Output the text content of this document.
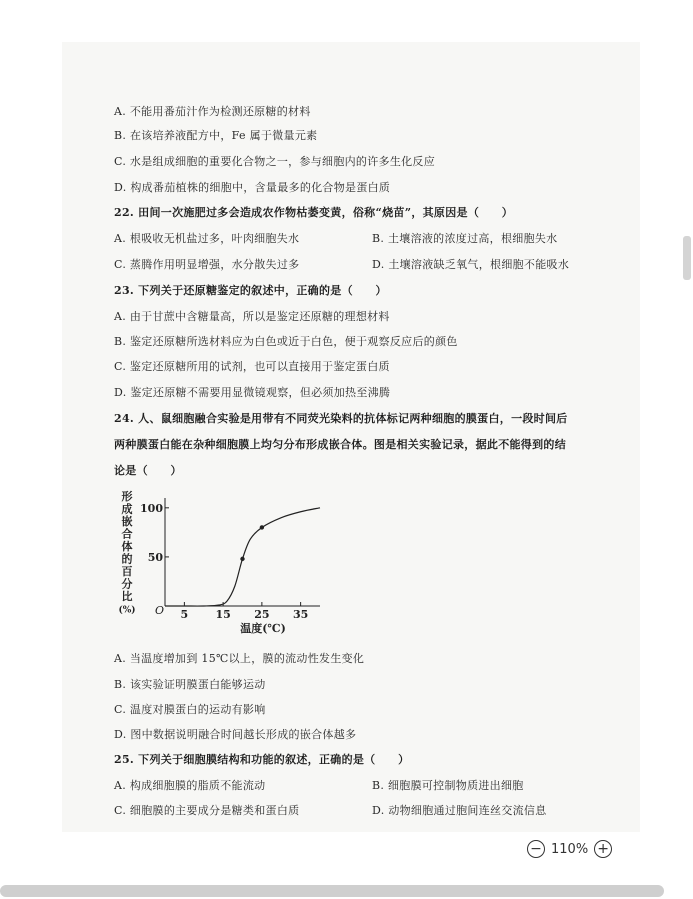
A. 不能用番茄汁作为检测还原糖的材料
B. 在该培养液配方中，Fe 属于微量元素
C. 水是组成细胞的重要化合物之一，参与细胞内的许多生化反应
D. 构成番茄植株的细胞中，含量最多的化合物是蛋白质
22. 田间一次施肥过多会造成农作物枯萎变黄，俗称“烧苗”，其原因是（　　）
23. 下列关于还原糖鉴定的叙述中，正确的是（　　）
A. 由于甘蔗中含糖量高，所以是鉴定还原糖的理想材料
B. 鉴定还原糖所选材料应为白色或近于白色，便于观察反应后的颜色
C. 鉴定还原糖所用的试剂，也可以直接用于鉴定蛋白质
D. 鉴定还原糖不需要用显微镜观察，但必须加热至沸腾
24. 人、鼠细胞融合实验是用带有不同荧光染料的抗体标记两种细胞的膜蛋白，一段时间后
两种膜蛋白能在杂种细胞膜上均匀分布形成嵌合体。图是相关实验记录，据此不能得到的结
论是（　　）
A. 当温度增加到 15℃以上，膜的流动性发生变化
B. 该实验证明膜蛋白能够运动
C. 温度对膜蛋白的运动有影响
D. 图中数据说明融合时间越长形成的嵌合体越多
25. 下列关于细胞膜结构和功能的叙述，正确的是（　　）
A. 根吸收无机盐过多，叶肉细胞失水	B. 土壤溶液的浓度过高，根细胞失水
C. 蒸腾作用明显增强，水分散失过多	D. 土壤溶液缺乏氧气，根细胞不能吸水
A. 构成细胞膜的脂质不能流动	B. 细胞膜可控制物质进出细胞
C. 细胞膜的主要成分是糖类和蛋白质	D. 动物细胞通过胞间连丝交流信息
形
成
嵌
合
体
的
百
分
比
(%)	5 15 25 35
50
100
O
温度(℃)
− 110% +
